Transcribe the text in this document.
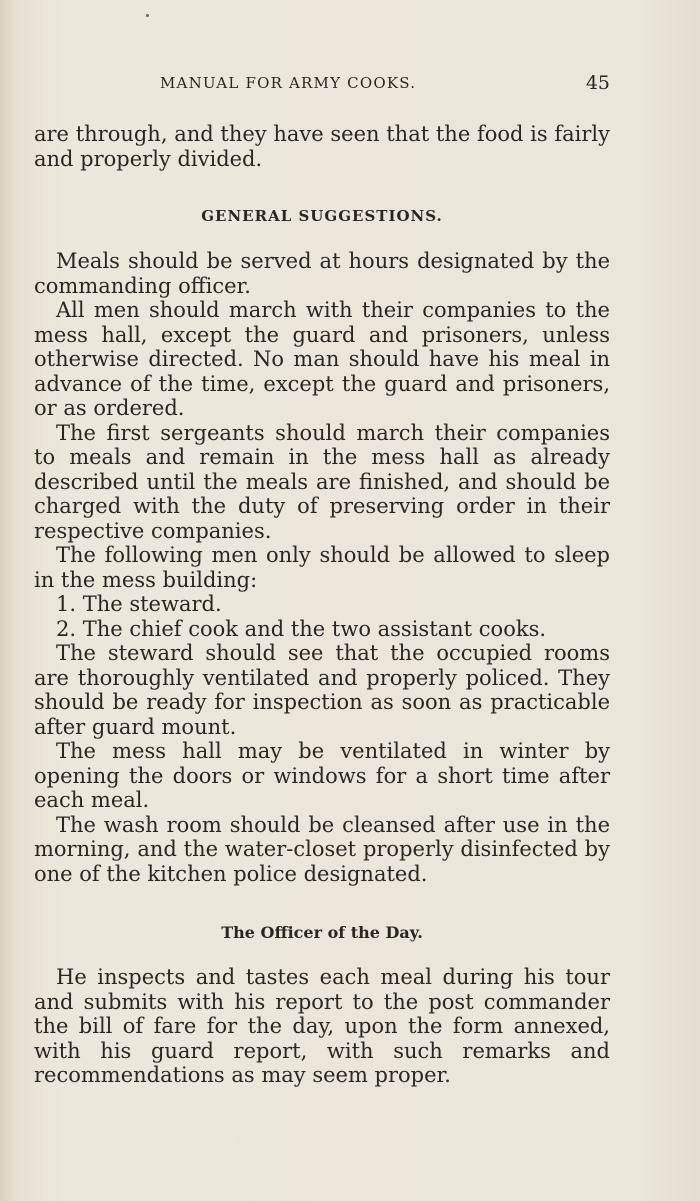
MANUAL FOR ARMY COOKS.	45

are through, and they have seen that the food is fairly and properly divided.

GENERAL SUGGESTIONS.

Meals should be served at hours designated by the commanding officer.

All men should march with their companies to the mess hall, except the guard and prisoners, unless otherwise directed. No man should have his meal in advance of the time, except the guard and prisoners, or as ordered.

The first sergeants should march their companies to meals and remain in the mess hall as already described until the meals are finished, and should be charged with the duty of preserving order in their respective companies.

The following men only should be allowed to sleep in the mess building:

1. The steward.

2. The chief cook and the two assistant cooks.

The steward should see that the occupied rooms are thoroughly ventilated and properly policed. They should be ready for inspection as soon as practicable after guard mount.

The mess hall may be ventilated in winter by opening the doors or windows for a short time after each meal.

The wash room should be cleansed after use in the morning, and the water-closet properly disinfected by one of the kitchen police designated.

The Officer of the Day.

He inspects and tastes each meal during his tour and submits with his report to the post commander the bill of fare for the day, upon the form annexed, with his guard report, with such remarks and recommendations as may seem proper.
